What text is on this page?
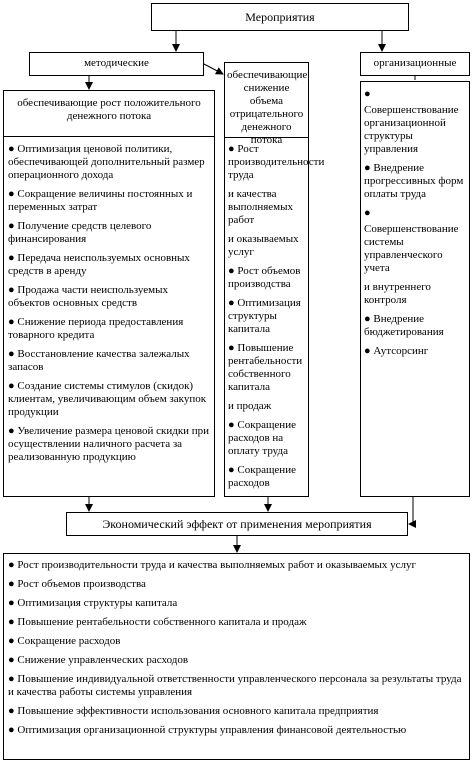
Мероприятия
методические	организационные
обеспечивающие рост положительного денежного потока
● Оптимизация ценовой политики, обеспечивающей дополнительный размер операционного дохода
● Сокращение величины постоянных и переменных затрат
● Получение средств целевого финансирования
● Передача неиспользуемых основных средств в аренду
● Продажа части неиспользуемых объектов основных средств
● Снижение периода предоставления товарного кредита
● Восстановление качества залежалых запасов
● Создание системы стимулов (скидок) клиентам, увеличивающим объем закупок продукции
● Увеличение размера ценовой скидки при осуществлении наличного расчета за реализованную продукцию
обеспечивающие снижение объема отрицательного денежного потока
● Рост производительности труда
и качества выполняемых работ
и оказываемых услуг
● Рост объемов производства
● Оптимизация структуры капитала
● Повышение рентабельности собственного капитала
и продаж
● Сокращение расходов на оплату труда
● Сокращение расходов
●
Совершенствование организационной структуры управления
● Внедрение прогрессивных форм оплаты труда
●
Совершенствование системы управленческого учета
и внутреннего контроля
● Внедрение бюджетирования
● Аутсорсинг
Экономический эффект от применения мероприятия
● Рост производительности труда и качества выполняемых работ и оказываемых услуг
● Рост объемов производства
● Оптимизация структуры капитала
● Повышение рентабельности собственного капитала и продаж
● Сокращение расходов
● Снижение управленческих расходов
● Повышение индивидуальной ответственности управленческого персонала за результаты труда и качества работы системы управления
● Повышение эффективности использования основного капитала предприятия
● Оптимизация организационной структуры управления финансовой деятельностью
